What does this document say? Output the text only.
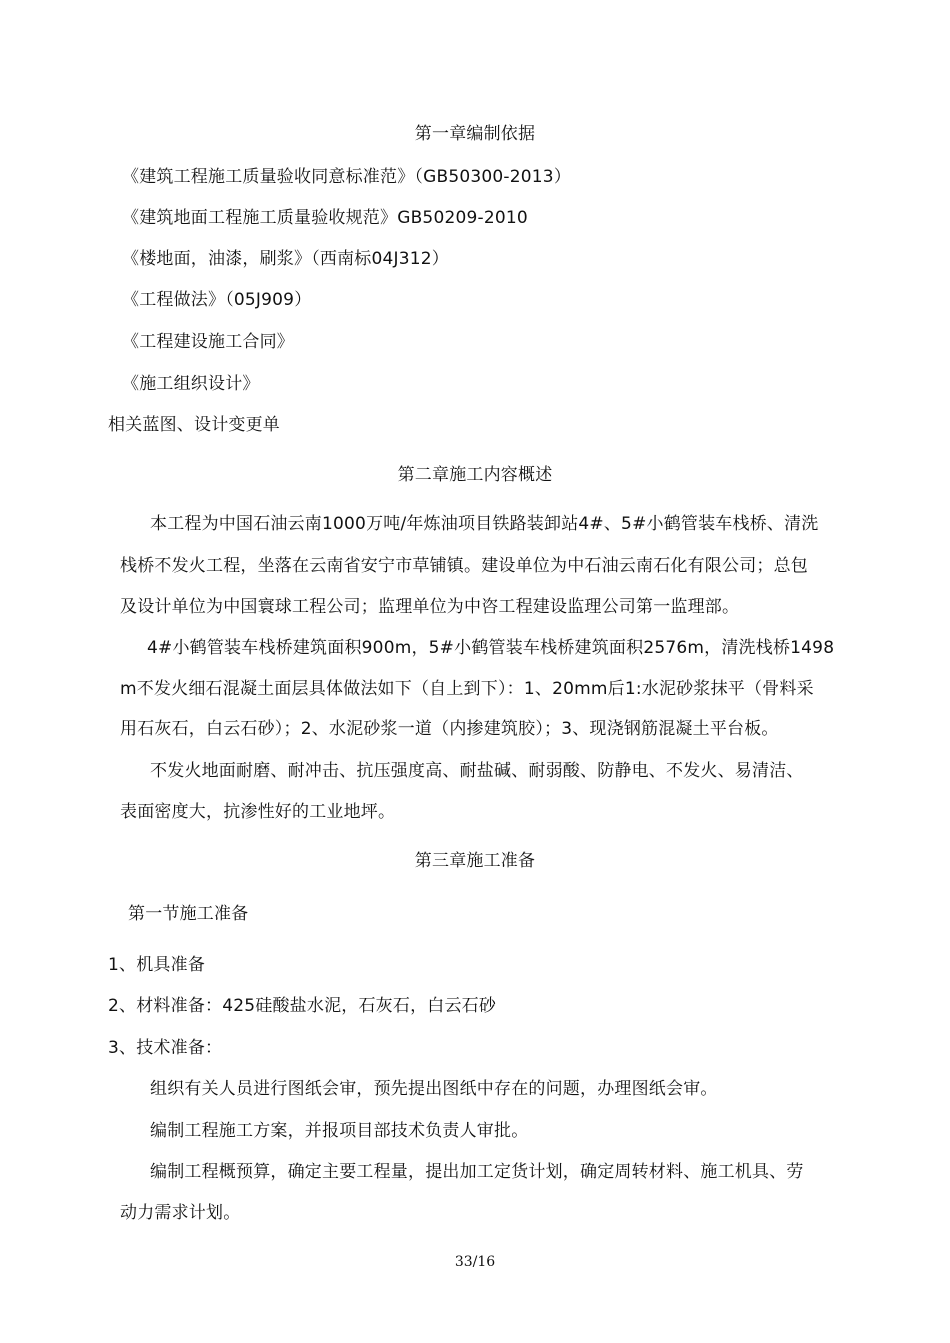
第一章编制依据
《建筑工程施工质量验收同意标准范》（GB50300-2013）
《建筑地面工程施工质量验收规范》GB50209-2010
《楼地面，油漆，刷浆》（西南标04J312）
《工程做法》（05J909）
《工程建设施工合同》
《施工组织设计》
相关蓝图、设计变更单
第二章施工内容概述
本工程为中国石油云南1000万吨/年炼油项目铁路装卸站4#、5#小鹤管装车栈桥、清洗
栈桥不发火工程，坐落在云南省安宁市草铺镇。建设单位为中石油云南石化有限公司；总包
及设计单位为中国寰球工程公司；监理单位为中咨工程建设监理公司第一监理部。
4#小鹤管装车栈桥建筑面积900m，5#小鹤管装车栈桥建筑面积2576m，清洗栈桥1498
m不发火细石混凝土面层具体做法如下（自上到下）：1、20mm后1:水泥砂浆抹平（骨料采
用石灰石，白云石砂）；2、水泥砂浆一道（内掺建筑胶）；3、现浇钢筋混凝土平台板。
不发火地面耐磨、耐冲击、抗压强度高、耐盐碱、耐弱酸、防静电、不发火、易清洁、
表面密度大，抗渗性好的工业地坪。
第三章施工准备
第一节施工准备
1、机具准备
2、材料准备：425硅酸盐水泥，石灰石，白云石砂
3、技术准备：
组织有关人员进行图纸会审，预先提出图纸中存在的问题，办理图纸会审。
编制工程施工方案，并报项目部技术负责人审批。
编制工程概预算，确定主要工程量，提出加工定货计划，确定周转材料、施工机具、劳
动力需求计划。
33/16
